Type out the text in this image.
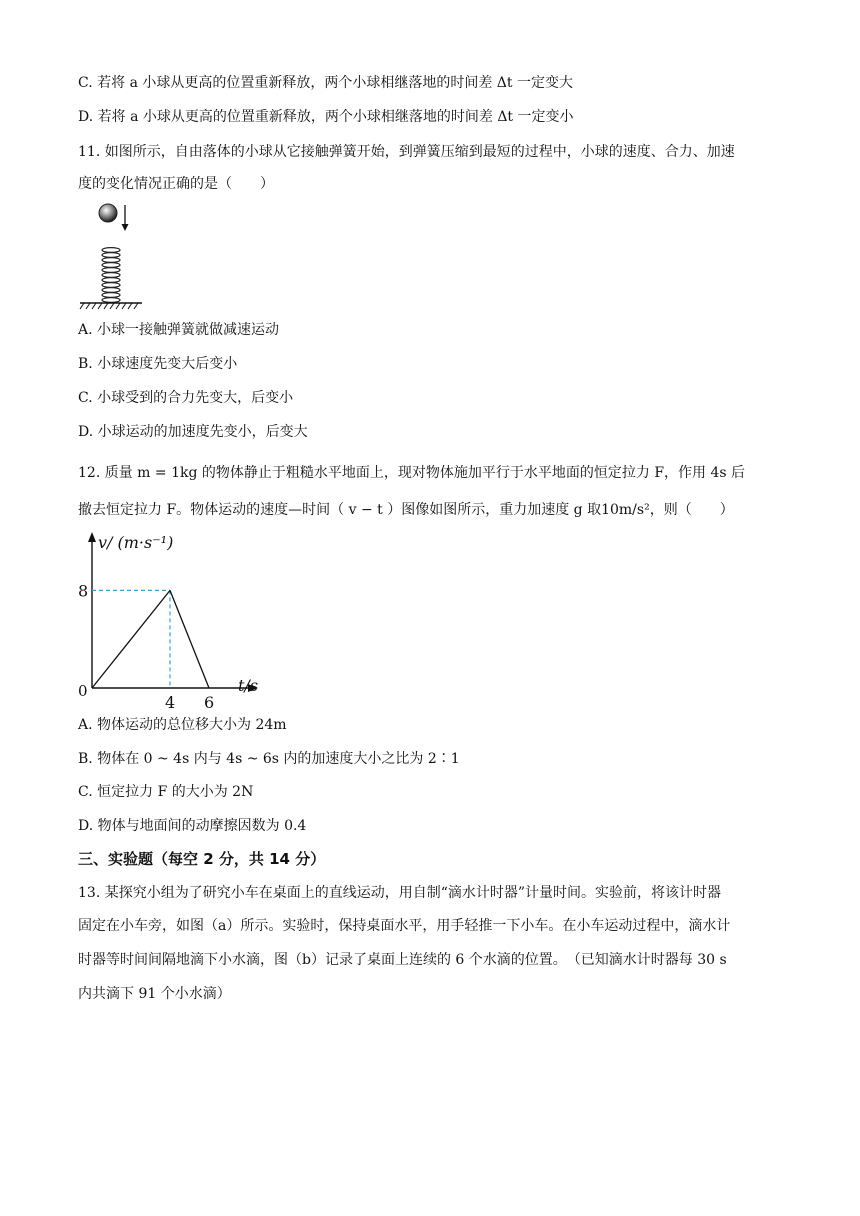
C. 若将 a 小球从更高的位置重新释放，两个小球相继落地的时间差 Δt 一定变大
D. 若将 a 小球从更高的位置重新释放，两个小球相继落地的时间差 Δt 一定变小
11. 如图所示，自由落体的小球从它接触弹簧开始，到弹簧压缩到最短的过程中，小球的速度、合力、加速
度的变化情况正确的是（　　）
A. 小球一接触弹簧就做减速运动
B. 小球速度先变大后变小
C. 小球受到的合力先变大，后变小
D. 小球运动的加速度先变小，后变大
12. 质量 m = 1kg 的物体静止于粗糙水平地面上，现对物体施加平行于水平地面的恒定拉力 F，作用 4s 后
撤去恒定拉力 F。物体运动的速度—时间（ v − t ）图像如图所示，重力加速度 g 取10m/s²，则（　　）
v/ (m·s⁻¹)
t/s
0
4 6
8
A. 物体运动的总位移大小为 24m
B. 物体在 0 ~ 4s 内与 4s ~ 6s 内的加速度大小之比为 2∶1
C. 恒定拉力 F 的大小为 2N
D. 物体与地面间的动摩擦因数为 0.4
三、实验题（每空 2 分，共 14 分）
13. 某探究小组为了研究小车在桌面上的直线运动，用自制“滴水计时器”计量时间。实验前，将该计时器
固定在小车旁，如图（a）所示。实验时，保持桌面水平，用手轻推一下小车。在小车运动过程中，滴水计
时器等时间间隔地滴下小水滴，图（b）记录了桌面上连续的 6 个水滴的位置。　（已知滴水计时器每 30 s
内共滴下 91 个小水滴）
